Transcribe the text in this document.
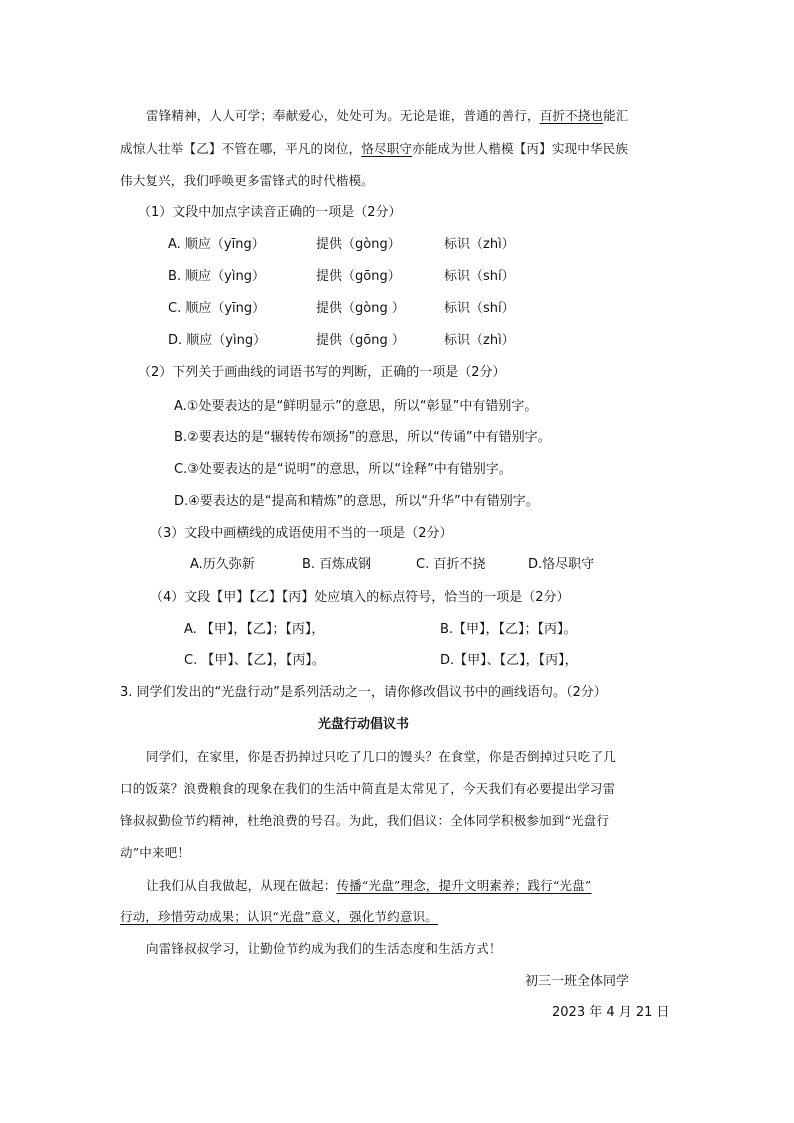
雷锋精神，人人可学；奉献爱心，处处可为。无论是谁，普通的善行，百折不挠也能汇
成惊人壮举【乙】不管在哪，平凡的岗位，恪尽职守亦能成为世人楷模【丙】实现中华民族
伟大复兴，我们呼唤更多雷锋式的时代楷模。
（1）文段中加点字读音正确的一项是（2分）
A. 顺应（yīng）	提供（gòng）	标识（zhì）
B. 顺应（yìng）	提供（gōng）	标识（shí）
C. 顺应（yīng）	提供（gòng ）	标识（shí）
D. 顺应（yìng）	提供（gōng ）	标识（zhì）
（2）下列关于画曲线的词语书写的判断，正确的一项是（2分）
A.①处要表达的是“鲜明显示”的意思，所以“彰显”中有错别字。
B.②要表达的是“辗转传布颂扬”的意思，所以“传诵”中有错别字。
C.③处要表达的是“说明”的意思，所以“诠释”中有错别字。
D.④要表达的是“提高和精炼”的意思，所以“升华”中有错别字。
（3）文段中画横线的成语使用不当的一项是（2分）
A.历久弥新	B. 百炼成钢	C. 百折不挠	D.恪尽职守
（4）文段【甲】【乙】【丙】处应填入的标点符号，恰当的一项是（2分）
A. 【甲】，【乙】；【丙】，	B.【甲】，【乙】；【丙】。
C. 【甲】、【乙】，【丙】。	D.【甲】、【乙】，【丙】，
3. 同学们发出的“光盘行动”是系列活动之一，请你修改倡议书中的画线语句。（2分）
光盘行动倡议书
同学们，在家里，你是否扔掉过只吃了几口的馒头？在食堂，你是否倒掉过只吃了几
口的饭菜？浪费粮食的现象在我们的生活中简直是太常见了，今天我们有必要提出学习雷
锋叔叔勤俭节约精神，杜绝浪费的号召。为此，我们倡议：全体同学积极参加到“光盘行
动”中来吧！
让我们从自我做起，从现在做起：传播“光盘”理念，提升文明素养；践行“光盘”
行动，珍惜劳动成果；认识“光盘”意义，强化节约意识。
向雷锋叔叔学习，让勤俭节约成为我们的生活态度和生活方式！
初三一班全体同学
2023 年 4 月 21 日
